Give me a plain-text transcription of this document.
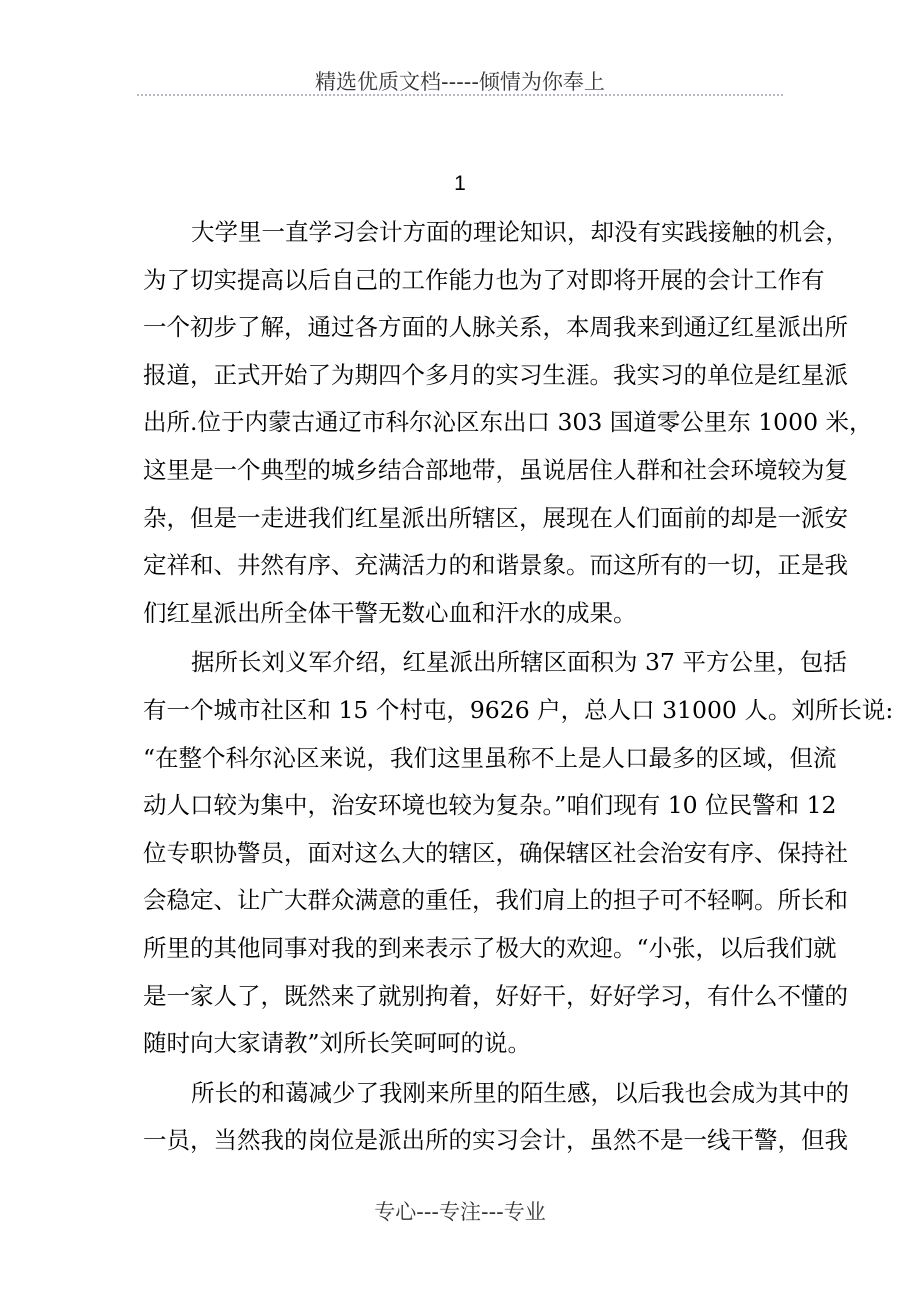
精选优质文档-----倾情为你奉上
1
大学里一直学习会计方面的理论知识，却没有实践接触的机会，
为了切实提高以后自己的工作能力也为了对即将开展的会计工作有
一个初步了解，通过各方面的人脉关系，本周我来到通辽红星派出所
报道，正式开始了为期四个多月的实习生涯。我实习的单位是红星派
出所.位于内蒙古通辽市科尔沁区东出口 303 国道零公里东 1000 米，
这里是一个典型的城乡结合部地带，虽说居住人群和社会环境较为复
杂，但是一走进我们红星派出所辖区，展现在人们面前的却是一派安
定祥和、井然有序、充满活力的和谐景象。而这所有的一切，正是我
们红星派出所全体干警无数心血和汗水的成果。
据所长刘义军介绍，红星派出所辖区面积为 37 平方公里，包括
有一个城市社区和 15 个村屯，9626 户，总人口 31000 人。刘所长说:
“在整个科尔沁区来说，我们这里虽称不上是人口最多的区域，但流
动人口较为集中，治安环境也较为复杂。”咱们现有 10 位民警和 12
位专职协警员，面对这么大的辖区，确保辖区社会治安有序、保持社
会稳定、让广大群众满意的重任，我们肩上的担子可不轻啊。所长和
所里的其他同事对我的到来表示了极大的欢迎。“小张，以后我们就
是一家人了，既然来了就别拘着，好好干，好好学习，有什么不懂的
随时向大家请教”刘所长笑呵呵的说。
所长的和蔼减少了我刚来所里的陌生感，以后我也会成为其中的
一员，当然我的岗位是派出所的实习会计，虽然不是一线干警，但我
专心---专注---专业
